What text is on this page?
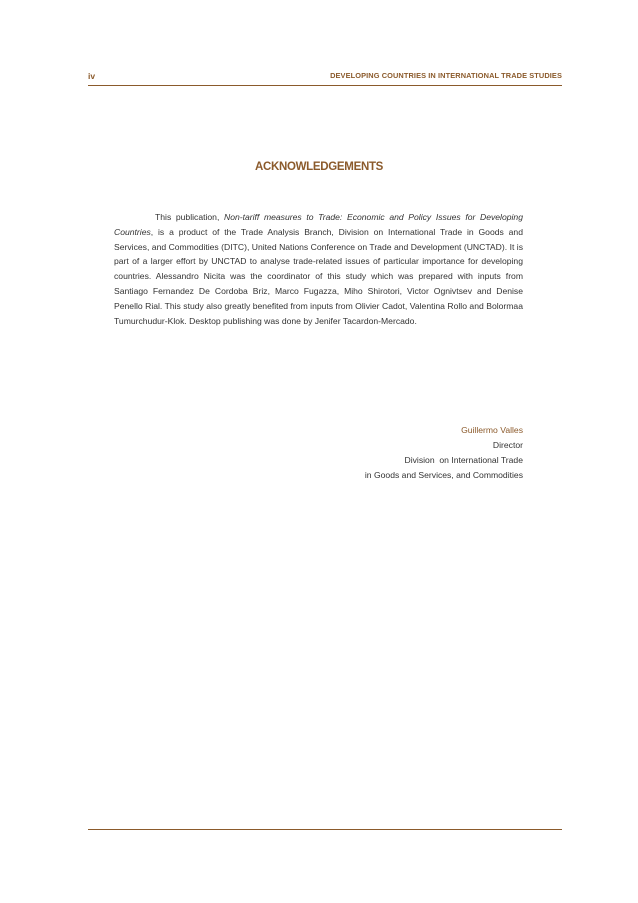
iv	DEVELOPING COUNTRIES IN INTERNATIONAL TRADE STUDIES
ACKNOWLEDGEMENTS

This publication, Non-tariff measures to Trade: Economic and Policy Issues for Developing Countries, is a product of the Trade Analysis Branch, Division on International Trade in Goods and Services, and Commodities (DITC), United Nations Conference on Trade and Development (UNCTAD). It is part of a larger effort by UNCTAD to analyse trade-related issues of particular importance for developing countries. Alessandro Nicita was the coordinator of this study which was prepared with inputs from Santiago Fernandez De Cordoba Briz, Marco Fugazza, Miho Shirotori, Victor Ognivtsev and Denise Penello Rial. This study also greatly benefited from inputs from Olivier Cadot, Valentina Rollo and Bolormaa Tumurchudur-Klok. Desktop publishing was done by Jenifer Tacardon-Mercado.

Guillermo Valles
Director
Division  on International Trade
in Goods and Services, and Commodities
